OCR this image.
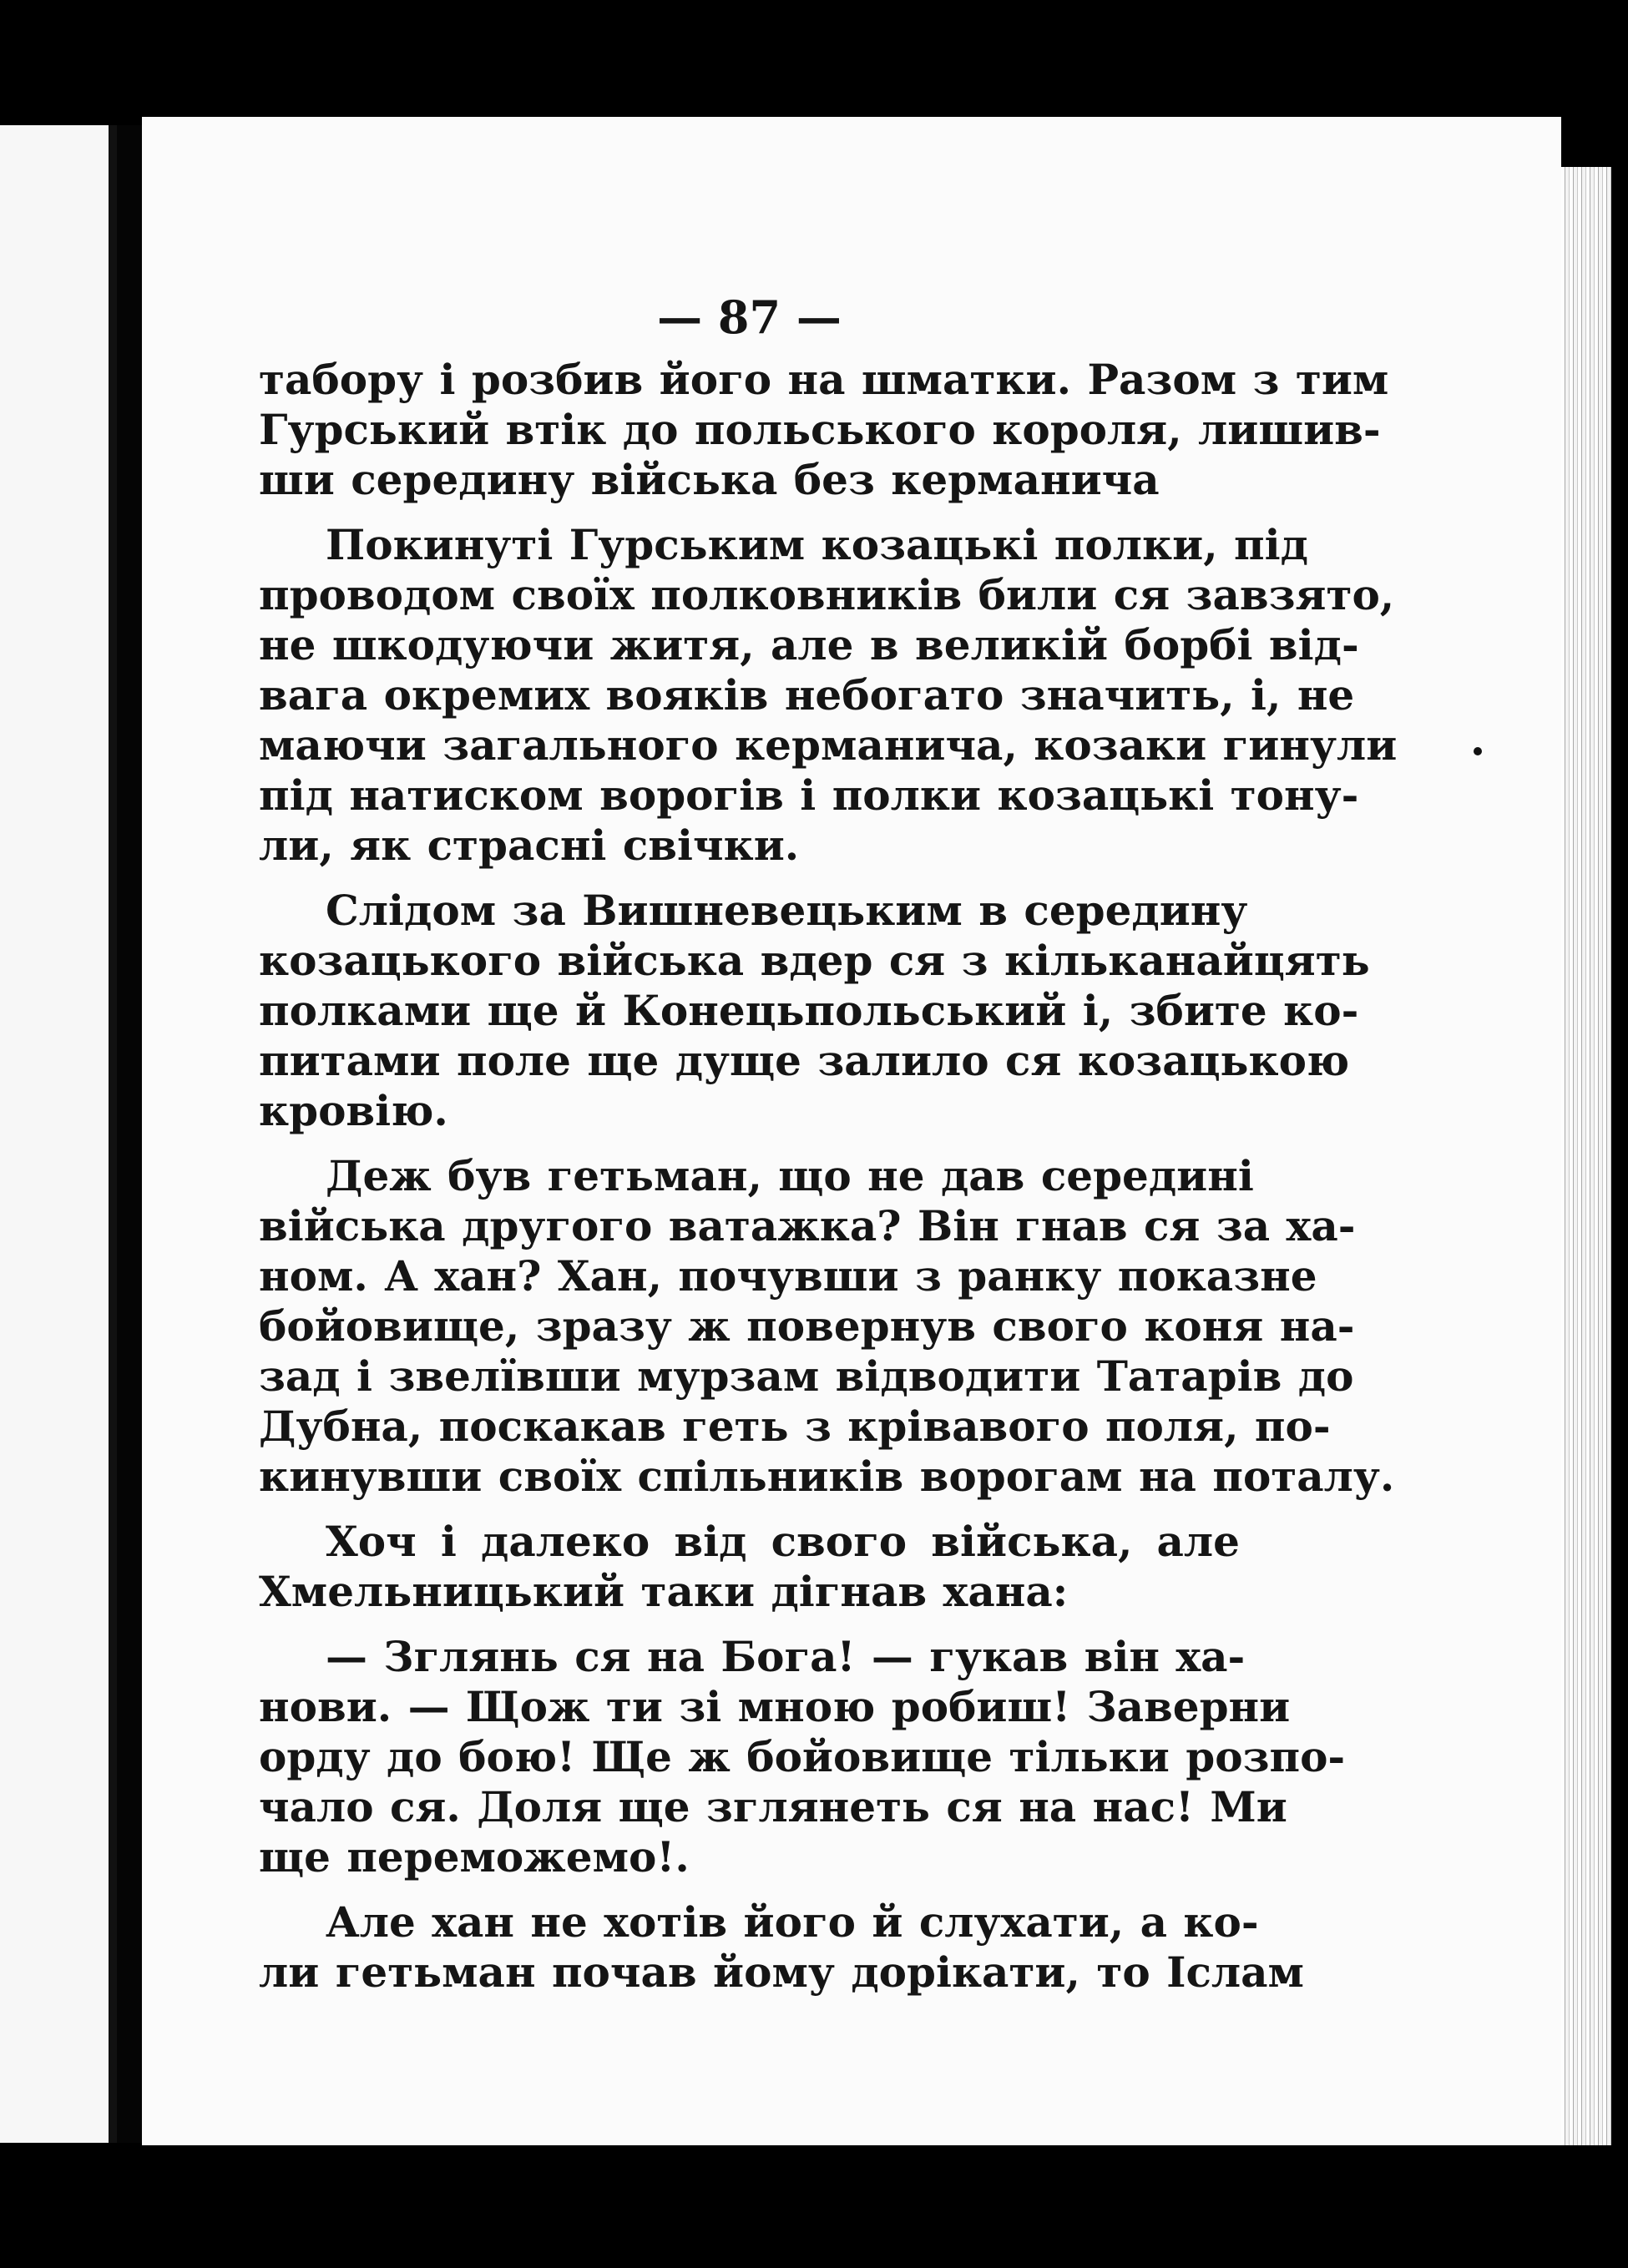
— 87 —
табору і розбив його на шматки. Разом з тим
Гурський втік до польського короля, лишив-
ши середину війська без керманича
Покинуті Гурським козацькі полки, під
проводом своїх полковників били ся завзято,
не шкодуючи житя, але в великій борбі від-
вага окремих вояків небогато значить, і, не
маючи загального керманича, козаки гинули
під натиском ворогів і полки козацькі тону-
ли, як страсні свічки.
Слідом за Вишневецьким в середину
козацького війська вдер ся з кільканайцять
полками ще й Конецьпольський і, збите ко-
питами поле ще дуще залило ся козацькою
кровію.
Деж був гетьман, що не дав середині
війська другого ватажка? Він гнав ся за ха-
ном. А хан? Хан, почувши з ранку показне
бойовище, зразу ж повернув свого коня на-
зад і звелївши мурзам відводити Татарів до
Дубна, поскакав геть з крівавого поля, по-
кинувши своїх спільників ворогам на поталу.
Хоч і далеко від свого війська, але
Хмельницький таки дігнав хана:
— Зглянь ся на Бога! — гукав він ха-
нови. — Щож ти зі мною робиш! Заверни
орду до бою! Ще ж бойовище тільки розпо-
чало ся. Доля ще зглянеть ся на нас! Ми
ще переможемо!.
Але хан не хотів його й слухати, а ко-
ли гетьман почав йому дорікати, то Іслам
